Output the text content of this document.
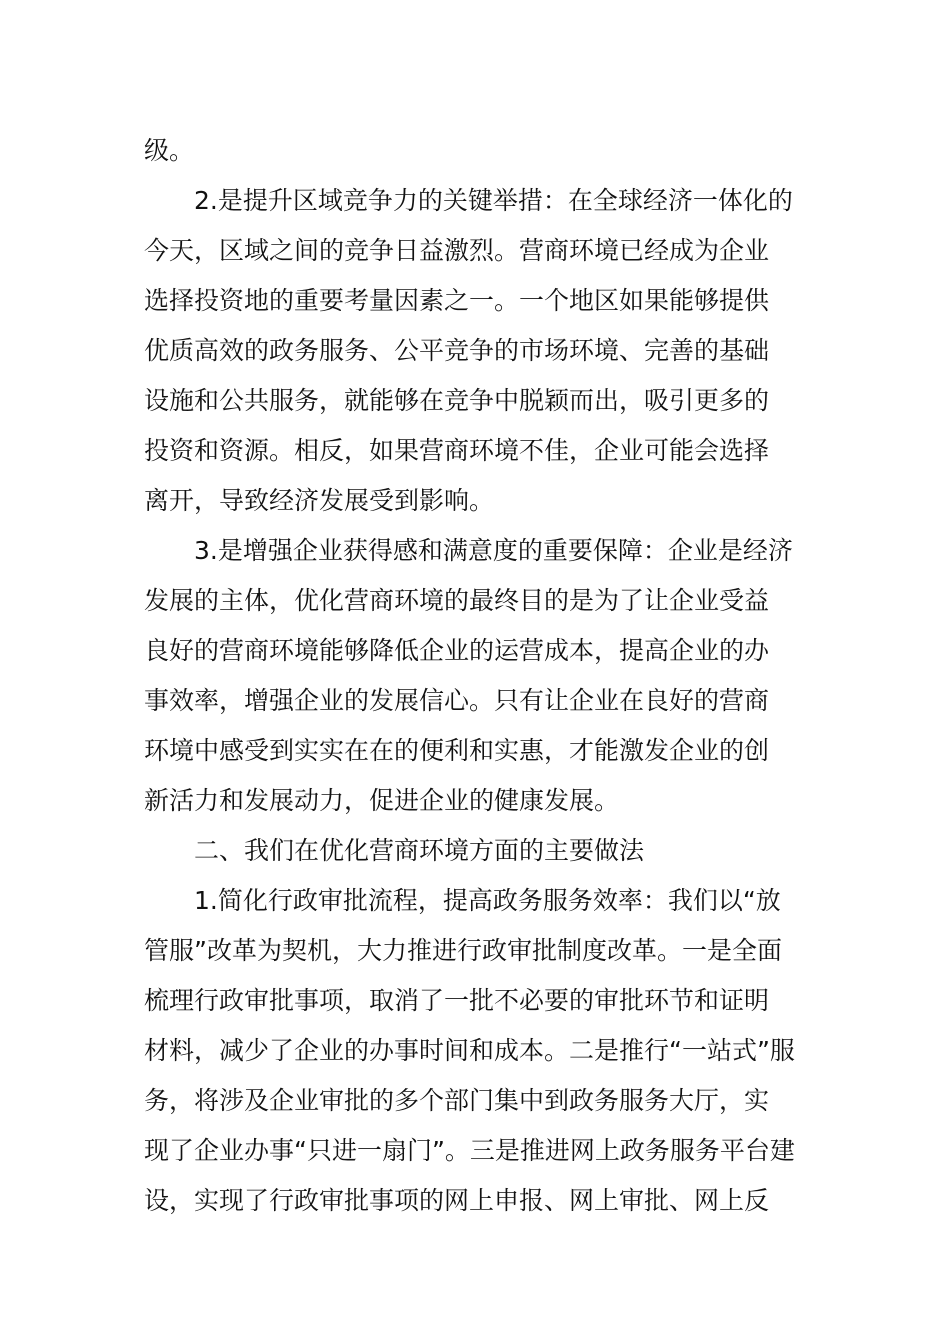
级。
2.是提升区域竞争力的关键举措：在全球经济一体化的
今天，区域之间的竞争日益激烈。营商环境已经成为企业
选择投资地的重要考量因素之一。一个地区如果能够提供
优质高效的政务服务、公平竞争的市场环境、完善的基础
设施和公共服务，就能够在竞争中脱颖而出，吸引更多的
投资和资源。相反，如果营商环境不佳，企业可能会选择
离开，导致经济发展受到影响。
3.是增强企业获得感和满意度的重要保障：企业是经济
发展的主体，优化营商环境的最终目的是为了让企业受益
良好的营商环境能够降低企业的运营成本，提高企业的办
事效率，增强企业的发展信心。只有让企业在良好的营商
环境中感受到实实在在的便利和实惠，才能激发企业的创
新活力和发展动力，促进企业的健康发展。
二、我们在优化营商环境方面的主要做法
1.简化行政审批流程，提高政务服务效率：我们以“放
管服”改革为契机，大力推进行政审批制度改革。一是全面
梳理行政审批事项，取消了一批不必要的审批环节和证明
材料，减少了企业的办事时间和成本。二是推行“一站式”服
务，将涉及企业审批的多个部门集中到政务服务大厅，实
现了企业办事“只进一扇门”。三是推进网上政务服务平台建
设，实现了行政审批事项的网上申报、网上审批、网上反
